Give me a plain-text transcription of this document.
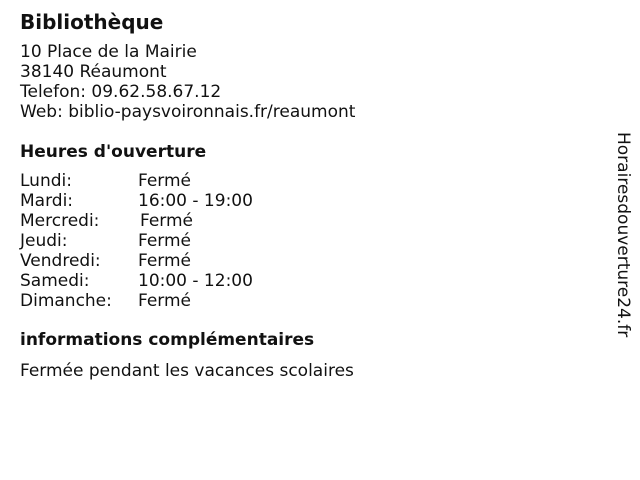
Bibliothèque
10 Place de la Mairie
38140 Réaumont
Telefon: 09.62.58.67.12
Web: biblio-paysvoironnais.fr/reaumont
Heures d'ouverture
Lundi:	Fermé
Mardi:	16:00 - 19:00
Mercredi:	Fermé
Jeudi:	Fermé
Vendredi:	Fermé
Samedi:	10:00 - 12:00
Dimanche:	Fermé
informations complémentaires
Fermée pendant les vacances scolaires
Horairesdouverture24.fr
